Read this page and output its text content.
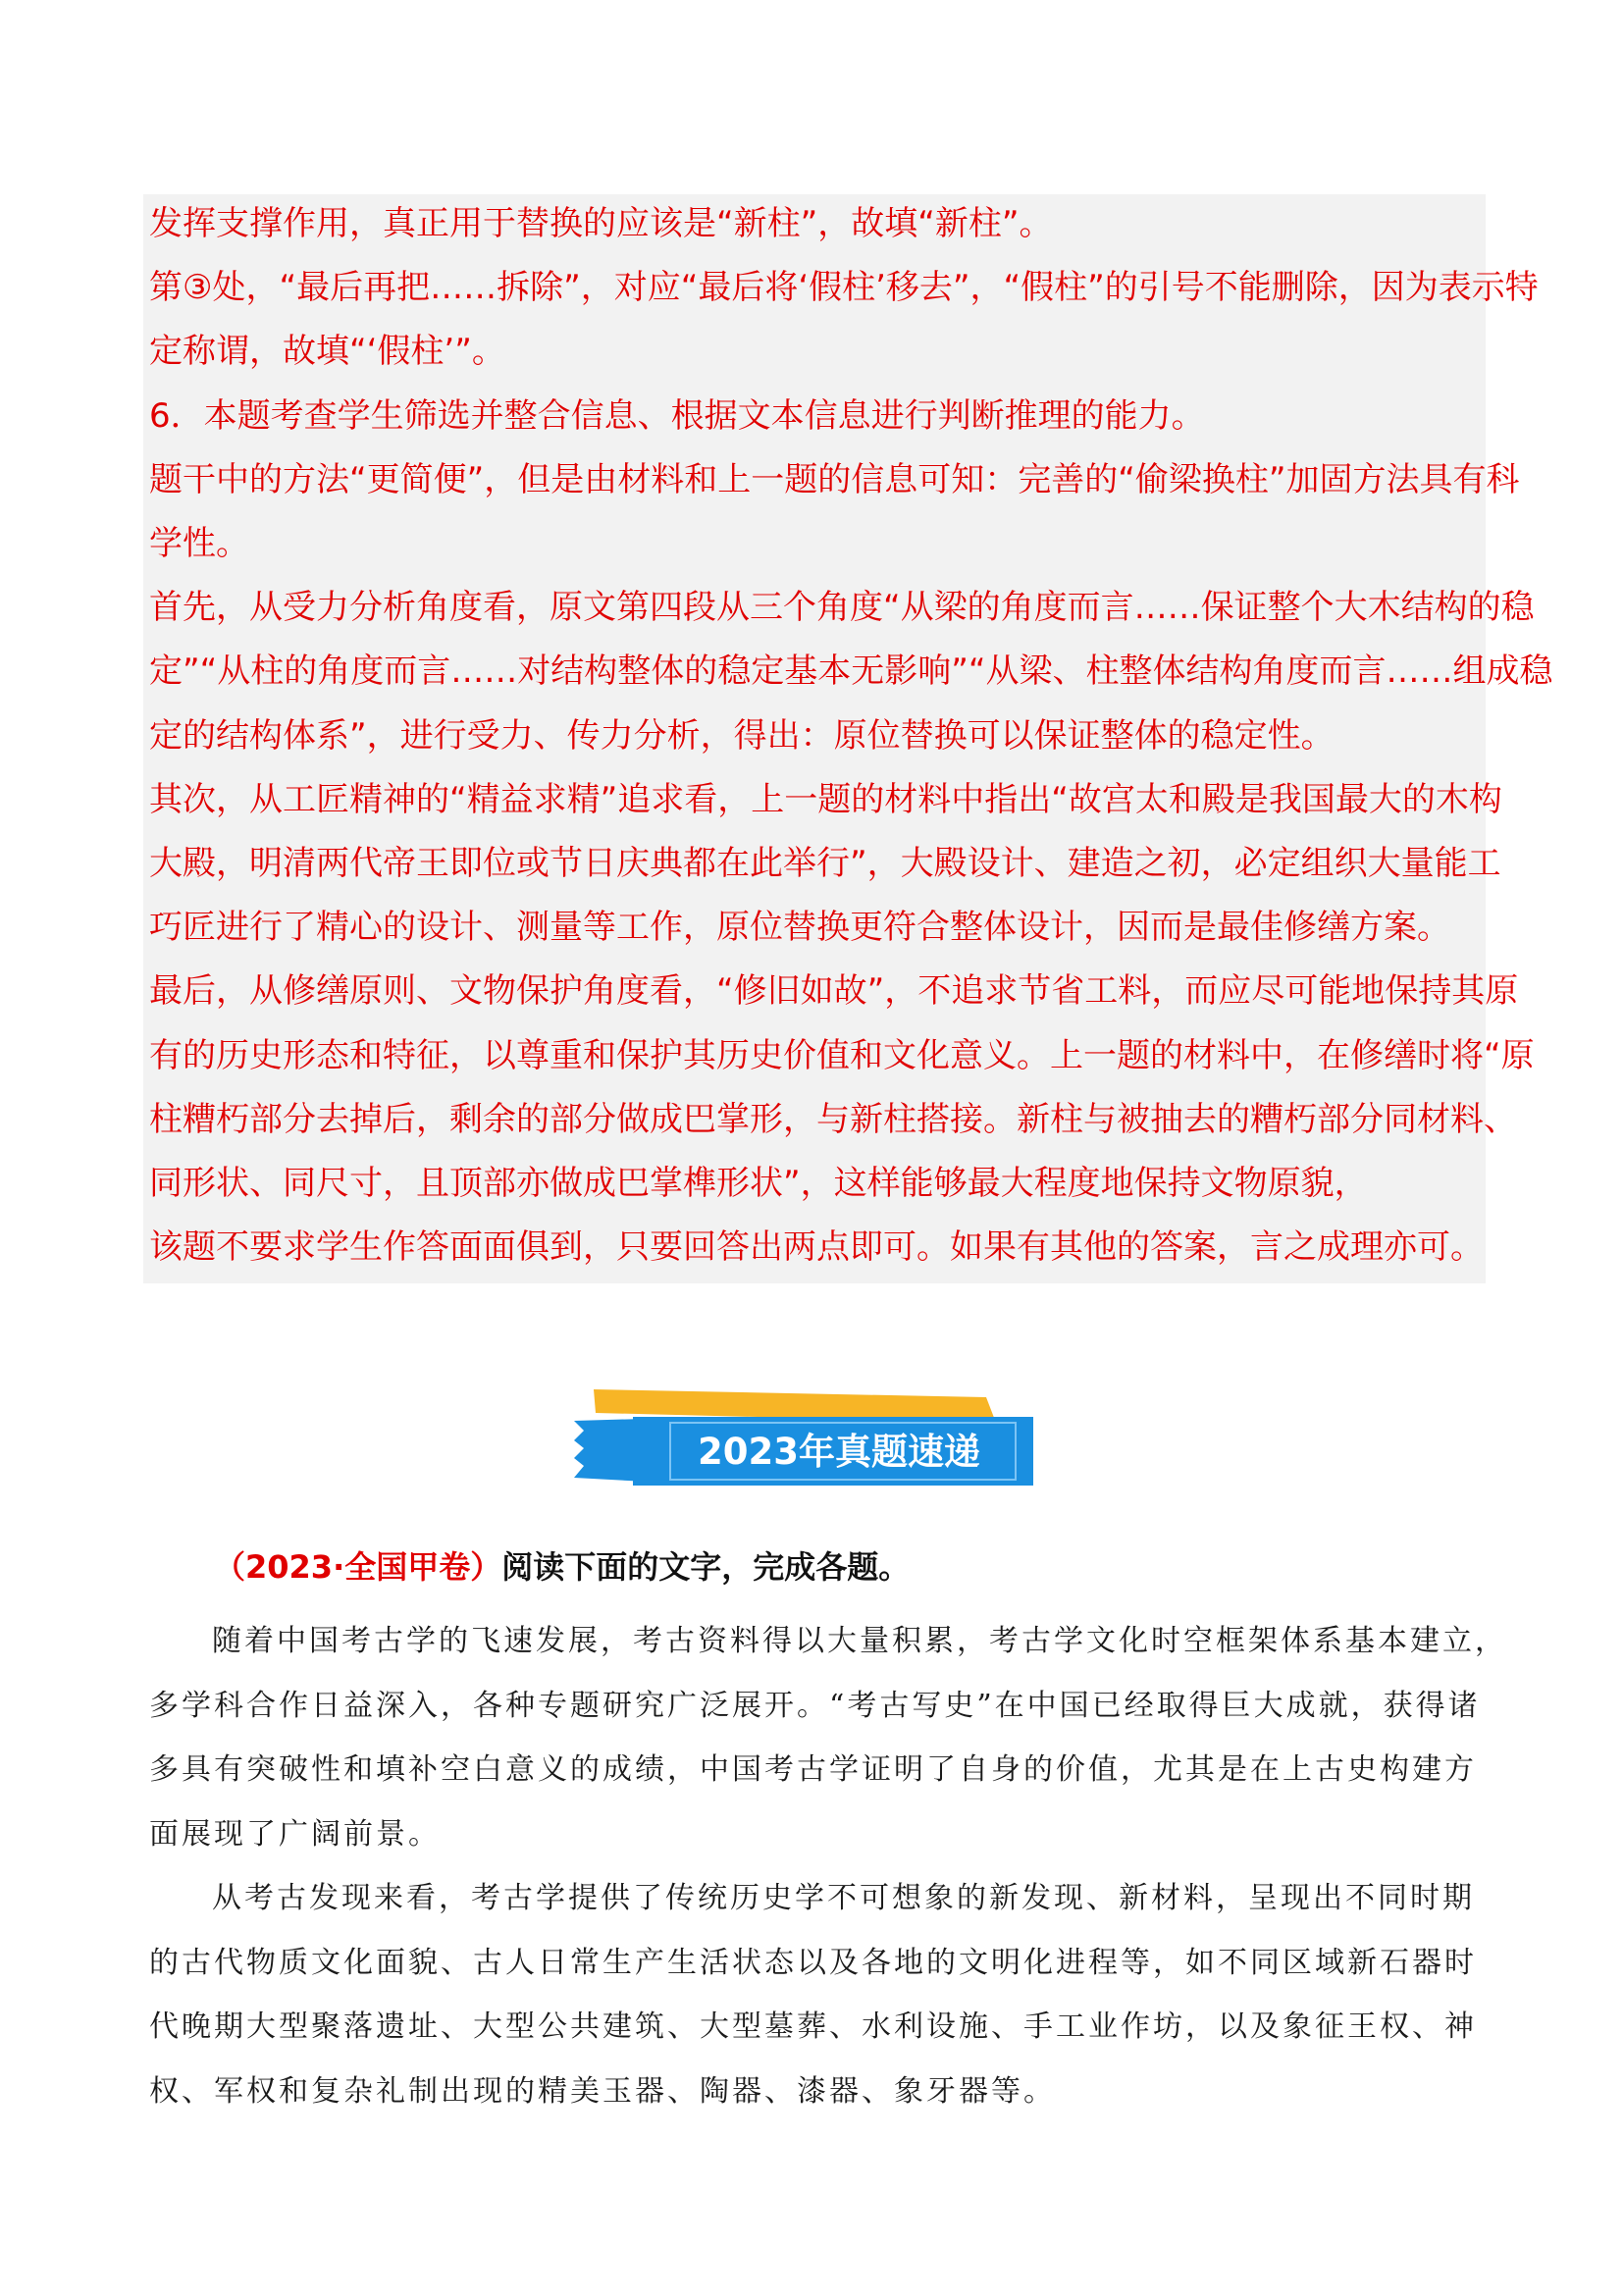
发挥支撑作用，真正用于替换的应该是“新柱”，故填“新柱”。

第③处，“最后再把……拆除”，对应“最后将‘假柱’移去”，“假柱”的引号不能删除，因为表示特

定称谓，故填“‘假柱’”。

6．本题考查学生筛选并整合信息、根据文本信息进行判断推理的能力。

题干中的方法“更简便”，但是由材料和上一题的信息可知：完善的“偷梁换柱”加固方法具有科

学性。

首先，从受力分析角度看，原文第四段从三个角度“从梁的角度而言……保证整个大木结构的稳

定”“从柱的角度而言……对结构整体的稳定基本无影响”“从梁、柱整体结构角度而言……组成稳

定的结构体系”，进行受力、传力分析，得出：原位替换可以保证整体的稳定性。

其次，从工匠精神的“精益求精”追求看，上一题的材料中指出“故宫太和殿是我国最大的木构

大殿，明清两代帝王即位或节日庆典都在此举行”，大殿设计、建造之初，必定组织大量能工

巧匠进行了精心的设计、测量等工作，原位替换更符合整体设计，因而是最佳修缮方案。

最后，从修缮原则、文物保护角度看，“修旧如故”，不追求节省工料，而应尽可能地保持其原

有的历史形态和特征，以尊重和保护其历史价值和文化意义。上一题的材料中，在修缮时将“原

柱糟朽部分去掉后，剩余的部分做成巴掌形，与新柱搭接。新柱与被抽去的糟朽部分同材料、

同形状、同尺寸，且顶部亦做成巴掌榫形状”，这样能够最大程度地保持文物原貌，

该题不要求学生作答面面俱到，只要回答出两点即可。如果有其他的答案，言之成理亦可。

2023年真题速递
（2023·全国甲卷）阅读下面的文字，完成各题。

随着中国考古学的飞速发展，考古资料得以大量积累，考古学文化时空框架体系基本建立，

多学科合作日益深入，各种专题研究广泛展开。“考古写史”在中国已经取得巨大成就，获得诸

多具有突破性和填补空白意义的成绩，中国考古学证明了自身的价值，尤其是在上古史构建方

面展现了广阔前景。

从考古发现来看，考古学提供了传统历史学不可想象的新发现、新材料，呈现出不同时期

的古代物质文化面貌、古人日常生产生活状态以及各地的文明化进程等，如不同区域新石器时

代晚期大型聚落遗址、大型公共建筑、大型墓葬、水利设施、手工业作坊，以及象征王权、神

权、军权和复杂礼制出现的精美玉器、陶器、漆器、象牙器等。
